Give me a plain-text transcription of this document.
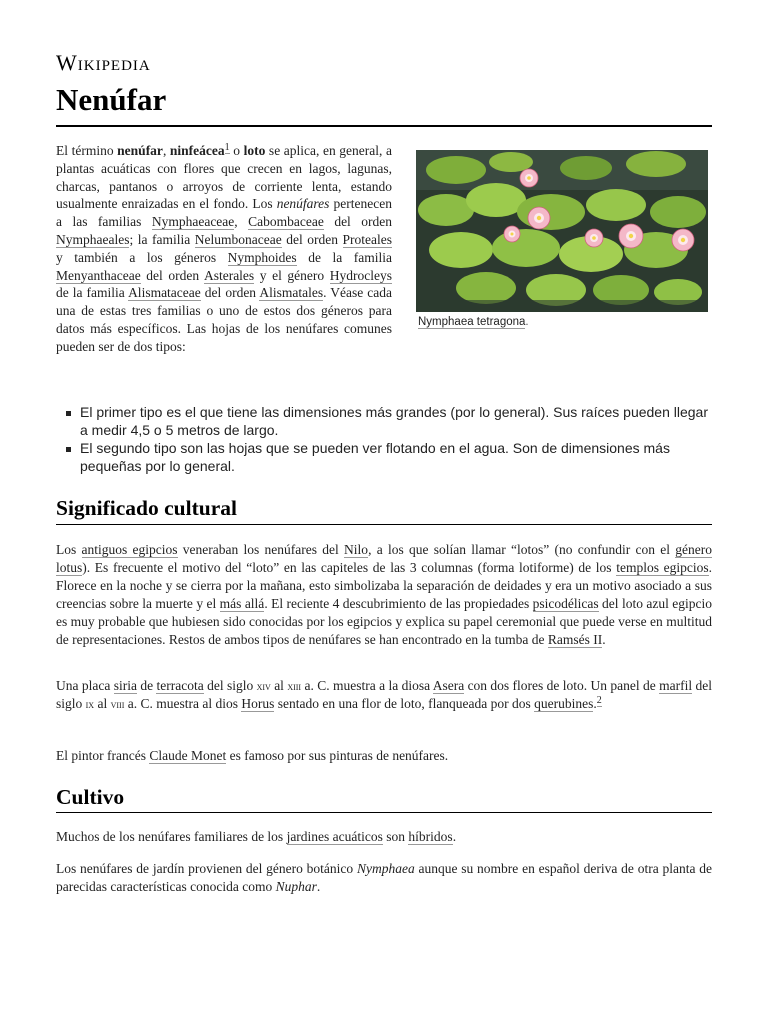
Wikipedia
Nenúfar
Nymphaea tetragona.

El término nenúfar, ninfeácea$^1$ o loto se aplica, en general, a plantas acuáticas con flores que crecen en lagos, lagunas, charcas, pantanos o arroyos de corriente lenta, estando usualmente enraizadas en el fondo. Los nenúfares pertenecen a las familias Nymphaeaceae, Cabombaceae del orden Nymphaeales; la familia Nelumbonaceae del orden Proteales y también a los géneros Nymphoides de la familia Menyanthaceae del orden Asterales y el género Hydrocleys de la familia Alismataceae del orden Alismatales. Véase cada una de estas tres familias o uno de estos dos géneros para datos más específicos. Las hojas de los nenúfares comunes pueden ser de dos tipos:

El primer tipo es el que tiene las dimensiones más grandes (por lo general). Sus raíces pueden llegar a medir 4,5 o 5 metros de largo.
El segundo tipo son las hojas que se pueden ver flotando en el agua. Son de dimensiones más pequeñas por lo general.
Significado cultural

Los antiguos egipcios veneraban los nenúfares del Nilo, a los que solían llamar “lotos” (no confundir con el género lotus). Es frecuente el motivo del “loto” en las capiteles de las 3 columnas (forma lotiforme) de los templos egipcios. Florece en la noche y se cierra por la mañana, esto simbolizaba la separación de deidades y era un motivo asociado a sus creencias sobre la muerte y el más allá. El reciente 4 descubrimiento de las propiedades psicodélicas del loto azul egipcio es muy probable que hubiesen sido conocidas por los egipcios y explica su papel ceremonial que puede verse en multitud de representaciones. Restos de ambos tipos de nenúfares se han encontrado en la tumba de Ramsés II.

Una placa siria de terracota del siglo xiv al xiii a. C. muestra a la diosa Asera con dos flores de loto. Un panel de marfil del siglo ix al viii a. C. muestra al dios Horus sentado en una flor de loto, flanqueada por dos querubines.$^2$

El pintor francés Claude Monet es famoso por sus pinturas de nenúfares.

Cultivo

Muchos de los nenúfares familiares de los jardines acuáticos son híbridos.

Los nenúfares de jardín provienen del género botánico Nymphaea aunque su nombre en español deriva de otra planta de parecidas características conocida como Nuphar.
